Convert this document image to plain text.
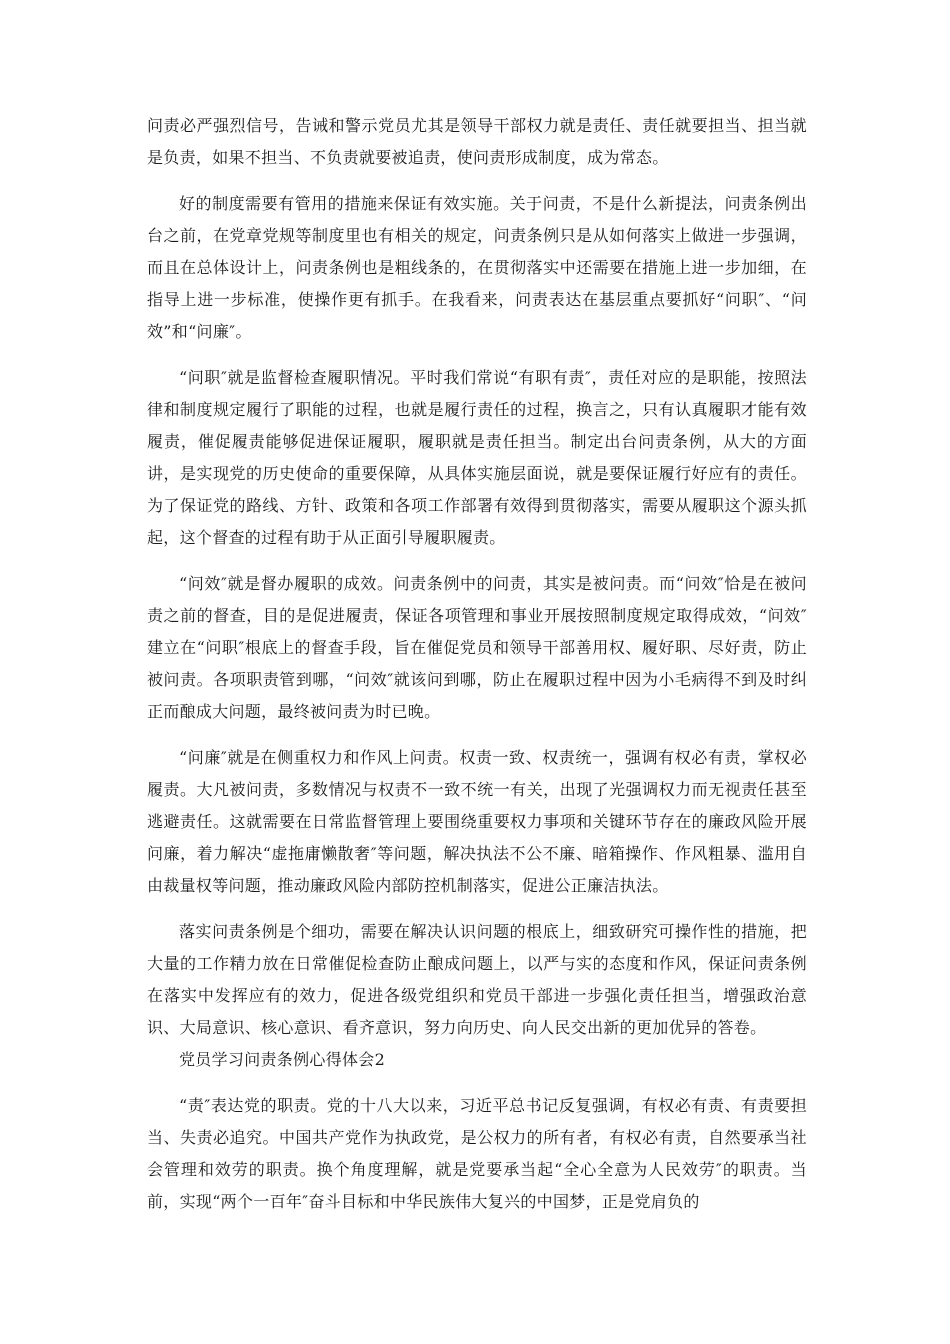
问责必严强烈信号，告诫和警示党员尤其是领导干部权力就是责任、责任就要担当、担当就是负责，如果不担当、不负责就要被追责，使问责形成制度，成为常态。

好的制度需要有管用的措施来保证有效实施。关于问责，不是什么新提法，问责条例出台之前，在党章党规等制度里也有相关的规定，问责条例只是从如何落实上做进一步强调，而且在总体设计上，问责条例也是粗线条的，在贯彻落实中还需要在措施上进一步加细，在指导上进一步标准，使操作更有抓手。在我看来，问责表达在基层重点要抓好“问职″、“问效”和“问廉″。

“问职″就是监督检查履职情况。平时我们常说“有职有责″，责任对应的是职能，按照法律和制度规定履行了职能的过程，也就是履行责任的过程，换言之，只有认真履职才能有效履责，催促履责能够促进保证履职，履职就是责任担当。制定出台问责条例，从大的方面讲，是实现党的历史使命的重要保障，从具体实施层面说，就是要保证履行好应有的责任。为了保证党的路线、方针、政策和各项工作部署有效得到贯彻落实，需要从履职这个源头抓起，这个督查的过程有助于从正面引导履职履责。

“问效″就是督办履职的成效。问责条例中的问责，其实是被问责。而“问效″恰是在被问责之前的督查，目的是促进履责，保证各项管理和事业开展按照制度规定取得成效，“问效″建立在“问职″根底上的督查手段，旨在催促党员和领导干部善用权、履好职、尽好责，防止被问责。各项职责管到哪，“问效″就该问到哪，防止在履职过程中因为小毛病得不到及时纠正而酿成大问题，最终被问责为时已晚。

“问廉″就是在侧重权力和作风上问责。权责一致、权责统一，强调有权必有责，掌权必履责。大凡被问责，多数情况与权责不一致不统一有关，出现了光强调权力而无视责任甚至逃避责任。这就需要在日常监督管理上要围绕重要权力事项和关键环节存在的廉政风险开展问廉，着力解决“虚拖庸懒散奢″等问题，解决执法不公不廉、暗箱操作、作风粗暴、滥用自由裁量权等问题，推动廉政风险内部防控机制落实，促进公正廉洁执法。

落实问责条例是个细功，需要在解决认识问题的根底上，细致研究可操作性的措施，把大量的工作精力放在日常催促检查防止酿成问题上，以严与实的态度和作风，保证问责条例在落实中发挥应有的效力，促进各级党组织和党员干部进一步强化责任担当，增强政治意识、大局意识、核心意识、看齐意识，努力向历史、向人民交出新的更加优异的答卷。

党员学习问责条例心得体会2

“责″表达党的职责。党的十八大以来，习近平总书记反复强调，有权必有责、有责要担当、失责必追究。中国共产党作为执政党，是公权力的所有者，有权必有责，自然要承当社会管理和效劳的职责。换个角度理解，就是党要承当起“全心全意为人民效劳″的职责。当前，实现“两个一百年″奋斗目标和中华民族伟大复兴的中国梦，正是党肩负的
